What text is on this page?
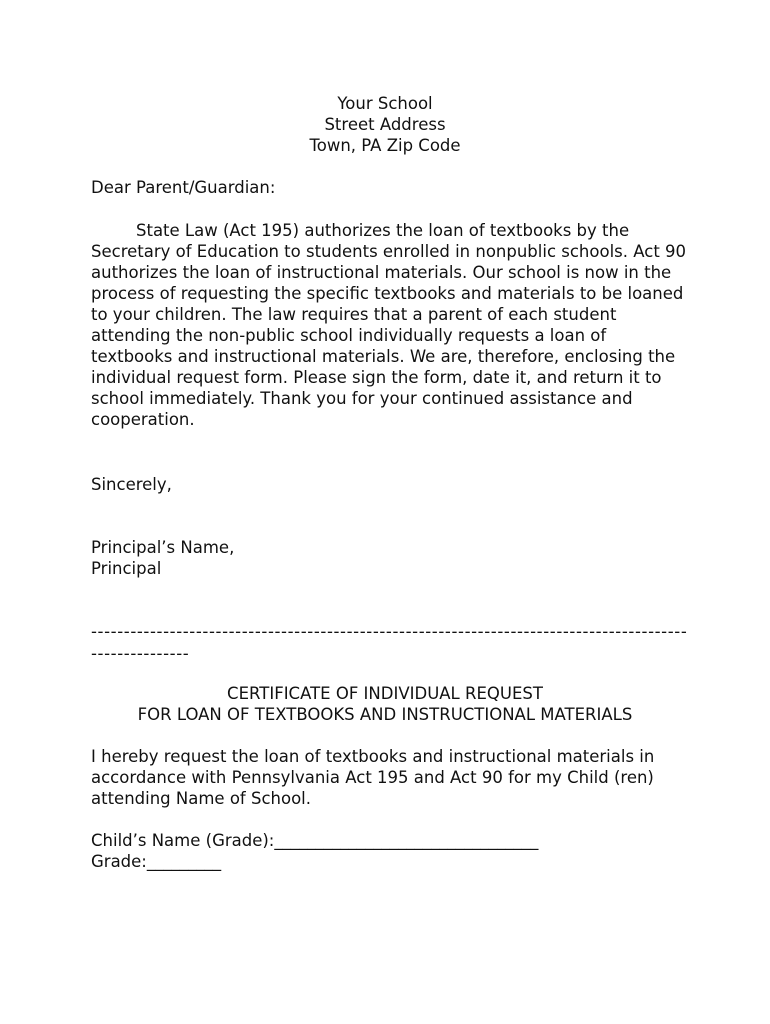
Your School
Street Address
Town, PA Zip Code
Dear Parent/Guardian:
State Law (Act 195) authorizes the loan of textbooks by the Secretary of Education to students enrolled in nonpublic schools. Act 90 authorizes the loan of instructional materials. Our school is now in the process of requesting the specific textbooks and materials to be loaned to your children. The law requires that a parent of each student attending the non-public school individually requests a loan of textbooks and instructional materials. We are, therefore, enclosing the individual request form. Please sign the form, date it, and return it to school immediately. Thank you for your continued assistance and cooperation.
Sincerely,
Principal’s Name,
Principal
----------------------------------------------------------------------------------------------------------
CERTIFICATE OF INDIVIDUAL REQUEST
FOR LOAN OF TEXTBOOKS AND INSTRUCTIONAL MATERIALS
I hereby request the loan of textbooks and instructional materials in accordance with Pennsylvania Act 195 and Act 90 for my Child (ren) attending Name of School.
Child’s Name (Grade):________________________________
Grade:_________
